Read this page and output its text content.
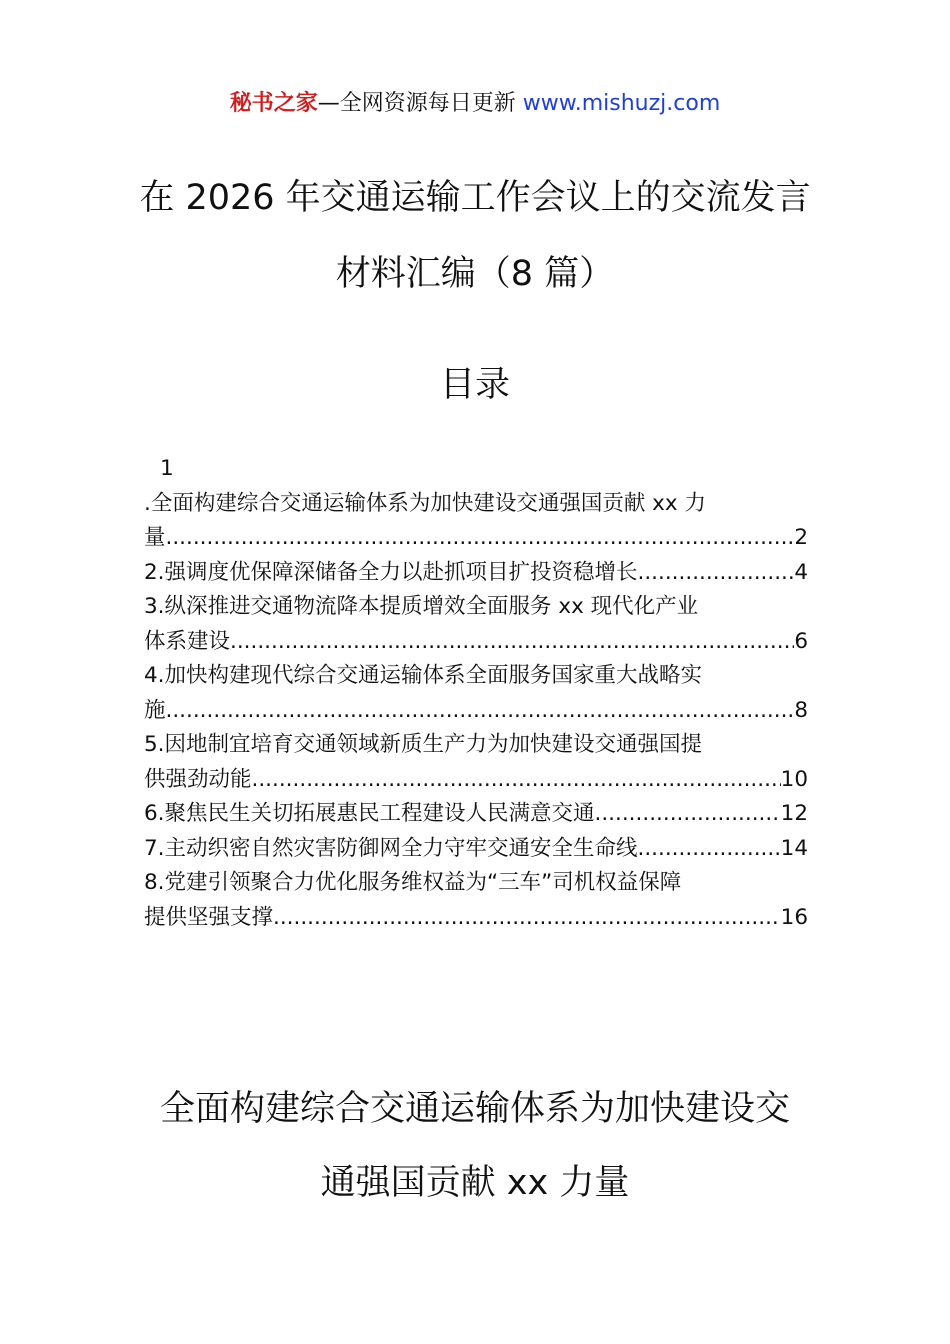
秘书之家—全网资源每日更新 www.mishuzj.com
在 2026 年交通运输工作会议上的交流发言
材料汇编（8 篇）
目录
1
.全面构建综合交通运输体系为加快建设交通强国贡献 xx 力
量 .....	2
2.强调度优保障深储备全力以赴抓项目扩投资稳增长 .....	4
3.纵深推进交通物流降本提质增效全面服务 xx 现代化产业
体系建设 .....	6
4.加快构建现代综合交通运输体系全面服务国家重大战略实
施 .....	8
5.因地制宜培育交通领域新质生产力为加快建设交通强国提
供强劲动能 .....	10
6.聚焦民生关切拓展惠民工程建设人民满意交通 .....	12
7.主动织密自然灾害防御网全力守牢交通安全生命线 .....	14
8.党建引领聚合力优化服务维权益为“三车”司机权益保障
提供坚强支撑 .....	16
全面构建综合交通运输体系为加快建设交
通强国贡献 xx 力量
